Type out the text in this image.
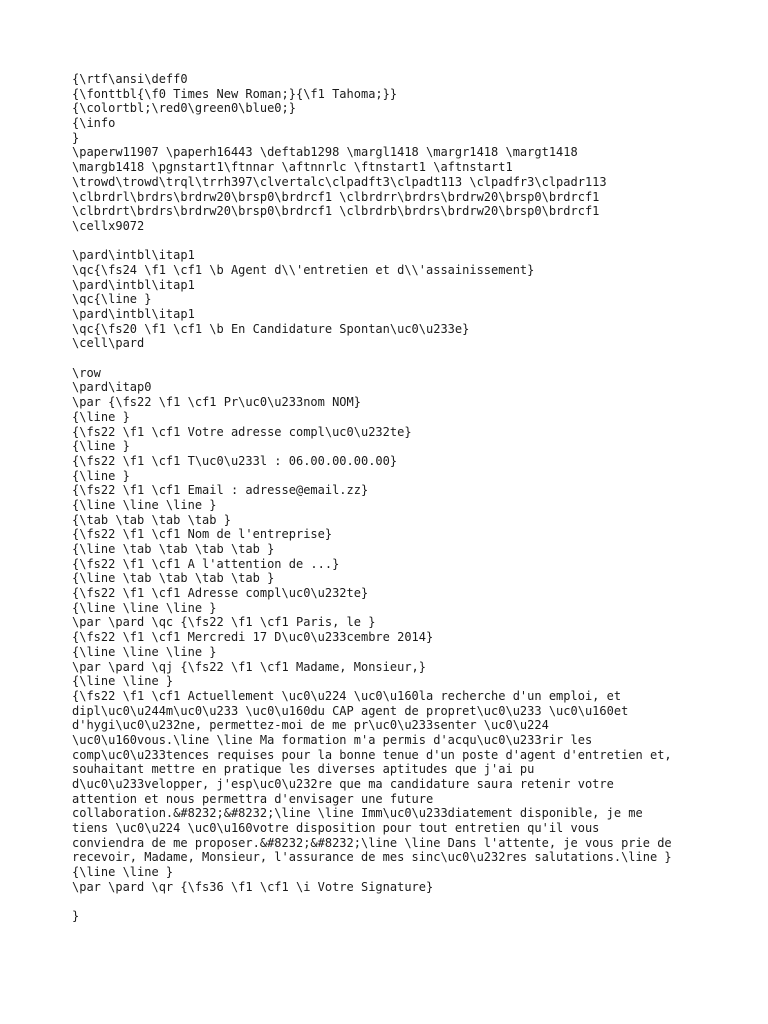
{\rtf\ansi\deff0
{\fonttbl{\f0 Times New Roman;}{\f1 Tahoma;}}
{\colortbl;\red0\green0\blue0;}
{\info
}
\paperw11907 \paperh16443 \deftab1298 \margl1418 \margr1418 \margt1418
\margb1418 \pgnstart1\ftnnar \aftnnrlc \ftnstart1 \aftnstart1
\trowd\trowd\trql\trrh397\clvertalc\clpadft3\clpadt113 \clpadfr3\clpadr113
\clbrdrl\brdrs\brdrw20\brsp0\brdrcf1 \clbrdrr\brdrs\brdrw20\brsp0\brdrcf1
\clbrdrt\brdrs\brdrw20\brsp0\brdrcf1 \clbrdrb\brdrs\brdrw20\brsp0\brdrcf1
\cellx9072
\pard\intbl\itap1
\qc{\fs24 \f1 \cf1 \b Agent d\\'entretien et d\\'assainissement}
\pard\intbl\itap1
\qc{\line }
\pard\intbl\itap1
\qc{\fs20 \f1 \cf1 \b En Candidature Spontan\uc0\u233e}
\cell\pard
\row
\pard\itap0
\par {\fs22 \f1 \cf1 Pr\uc0\u233nom NOM}
{\line }
{\fs22 \f1 \cf1 Votre adresse compl\uc0\u232te}
{\line }
{\fs22 \f1 \cf1 T\uc0\u233l : 06.00.00.00.00}
{\line }
{\fs22 \f1 \cf1 Email : adresse@email.zz}
{\line \line \line }
{\tab \tab \tab \tab }
{\fs22 \f1 \cf1 Nom de l'entreprise}
{\line \tab \tab \tab \tab }
{\fs22 \f1 \cf1 A l'attention de ...}
{\line \tab \tab \tab \tab }
{\fs22 \f1 \cf1 Adresse compl\uc0\u232te}
{\line \line \line }
\par \pard \qc {\fs22 \f1 \cf1 Paris, le }
{\fs22 \f1 \cf1 Mercredi 17 D\uc0\u233cembre 2014}
{\line \line \line }
\par \pard \qj {\fs22 \f1 \cf1 Madame, Monsieur,}
{\line \line }
{\fs22 \f1 \cf1 Actuellement \uc0\u224 \uc0\u160la recherche d'un emploi, et
dipl\uc0\u244m\uc0\u233 \uc0\u160du CAP agent de propret\uc0\u233 \uc0\u160et
d'hygi\uc0\u232ne, permettez-moi de me pr\uc0\u233senter \uc0\u224
\uc0\u160vous.\line \line Ma formation m'a permis d'acqu\uc0\u233rir les
comp\uc0\u233tences requises pour la bonne tenue d'un poste d'agent d'entretien et,
souhaitant mettre en pratique les diverses aptitudes que j'ai pu
d\uc0\u233velopper, j'esp\uc0\u232re que ma candidature saura retenir votre
attention et nous permettra d'envisager une future
collaboration.&#8232;&#8232;\line \line Imm\uc0\u233diatement disponible, je me
tiens \uc0\u224 \uc0\u160votre disposition pour tout entretien qu'il vous
conviendra de me proposer.&#8232;&#8232;\line \line Dans l'attente, je vous prie de
recevoir, Madame, Monsieur, l'assurance de mes sinc\uc0\u232res salutations.\line }
{\line \line }
\par \pard \qr {\fs36 \f1 \cf1 \i Votre Signature}
}
